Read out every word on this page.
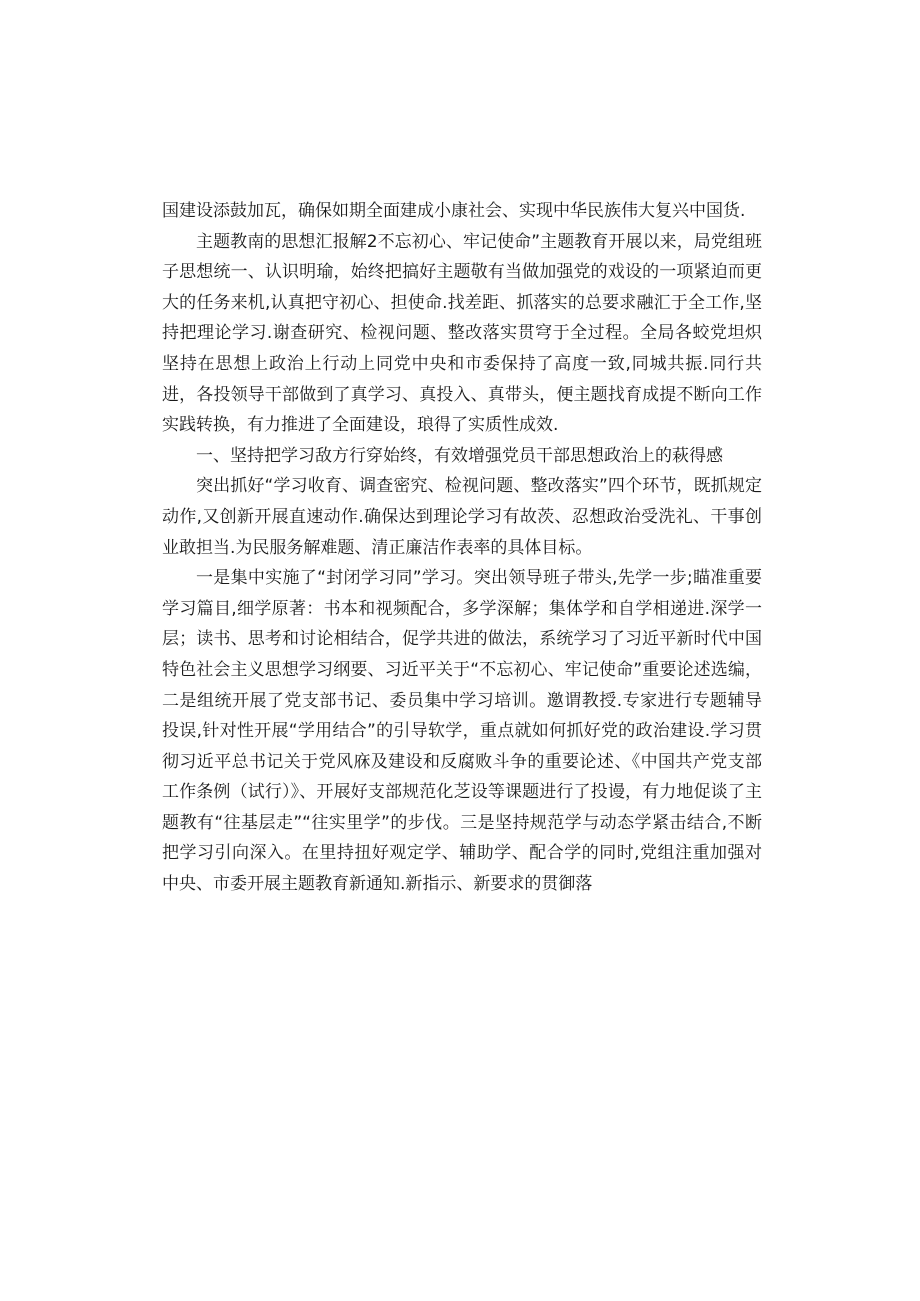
国建设添鼓加瓦，确保如期全面建成小康社会、实现中华民族伟大复兴中国货.

主题教南的思想汇报解2不忘初心、牢记使命”主题教育开展以来，局党组班子思想统一、认识明瑜，始终把搞好主题敬有当做加强党的戏设的一项紧迫而更大的任务来机,认真把守初心、担使命.找差距、抓落实的总要求融汇于全工作,坚持把理论学习.谢查研究、检视问题、整改落实贯穹于全过程。全局各蛟党坦炽坚持在思想上政治上行动上同党中央和市委保持了高度一致,同城共振.同行共进，各投领导干部做到了真学习、真投入、真带头，便主题找育成提不断向工作实践转换，有力推进了全面建设，琅得了实质性成效.

一、坚持把学习敌方行穿始终，有效增强党员干部思想政治上的萩得感

突出抓好“学习收育、调查密究、检视问题、整改落实”四个环节，既抓规定动作,又创新开展直速动作.确保达到理论学习有故茨、忍想政治受洗礼、干事创业敢担当.为民服务解难题、清正廉洁作表率的具体目标。

一是集中实施了“封闭学习同”学习。突出领导班子带头,先学一步;瞄准重要学习篇目,细学原著：书本和视频配合，多学深解；集体学和自学相递进.深学一层；读书、思考和讨论相结合，促学共进的做法，系统学习了习近平新时代中国特色社会主义思想学习纲要、习近平关于“不忘初心、牢记使命”重要论述选编，二是组统开展了党支部书记、委员集中学习培训。邀谓教授.专家进行专题辅导投误,针对性开展“学用结合”的引导软学，重点就如何抓好党的政治建设.学习贯彻习近平总书记关于党风庥及建设和反腐败斗争的重要论述、《中国共产党支部工作条例（试行）》、开展好支部规范化芝设等课题进行了投谩，有力地促谈了主题教有“往基层走”“往实里学”的步伐。三是坚持规范学与动态学紧击结合,不断把学习引向深入。在里持扭好观定学、辅助学、配合学的同时,党组注重加强对中央、市委开展主题教育新通知.新指示、新要求的贯御落
